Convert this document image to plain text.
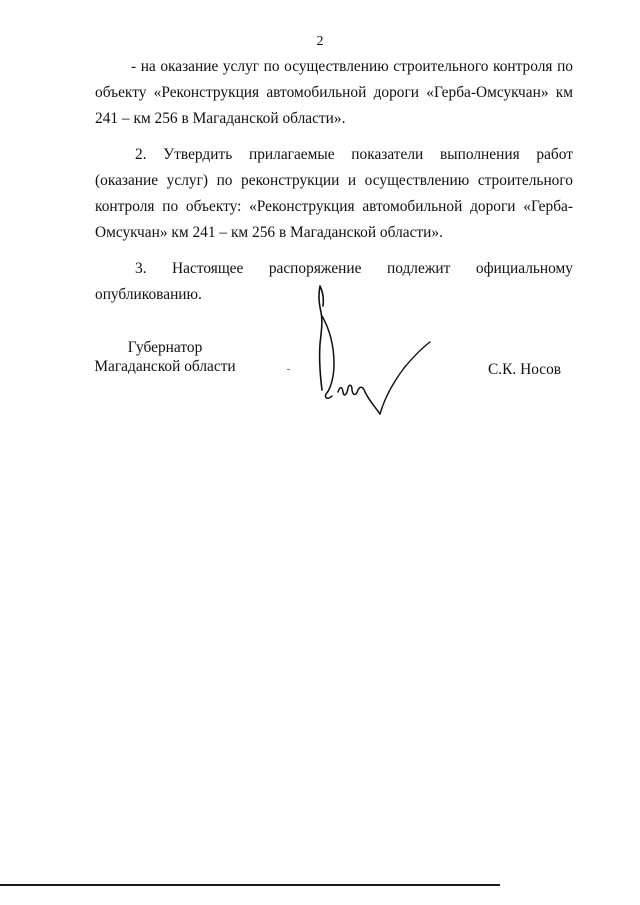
2

- на оказание услуг по осуществлению строительного контроля по объекту «Реконструкция автомобильной дороги «Герба-Омсукчан» км 241 – км 256 в Магаданской области».

2. Утвердить прилагаемые показатели выполнения работ (оказание услуг) по реконструкции и осуществлению строительного контроля по объекту: «Реконструкция автомобильной дороги «Герба-Омсукчан» км 241 – км 256 в Магаданской области».

3. Настоящее распоряжение подлежит официальному опубликованию.

Губернатор
Магаданской области	С.К. Носов
